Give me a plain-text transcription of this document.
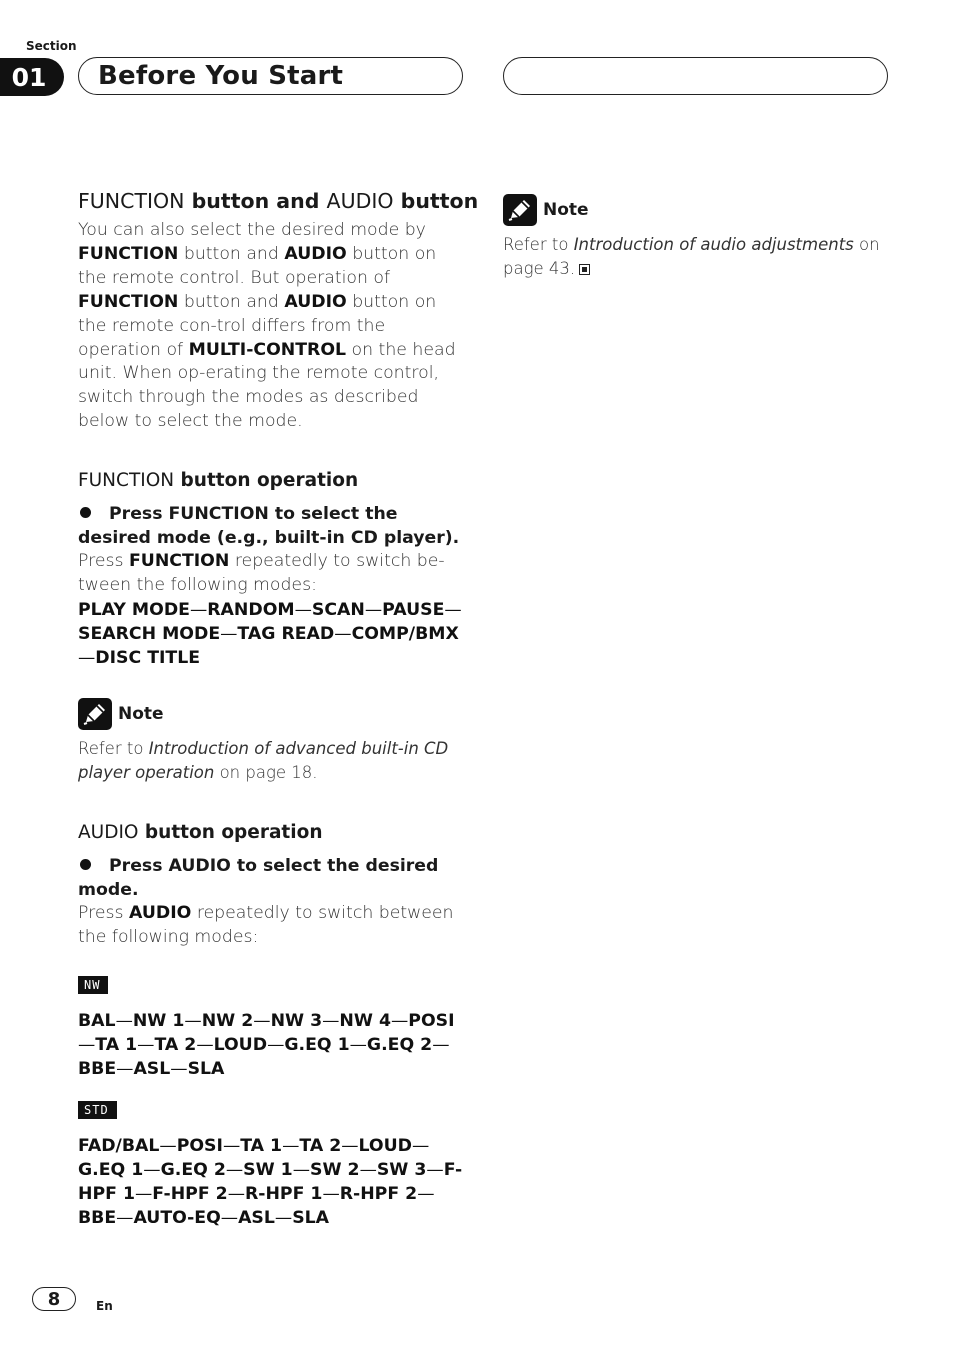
Section
01 Before You Start
FUNCTION button and AUDIO button

You can also select the desired mode by FUNCTION button and AUDIO button on the remote control. But operation of FUNCTION button and AUDIO button on the remote con-trol differs from the operation of MULTI-CONTROL on the head unit. When op-erating the remote control, switch through the modes as described below to select the mode.

FUNCTION button operation

Press FUNCTION to select the desired mode (e.g., built-in CD player).

Press FUNCTION repeatedly to switch be-tween the following modes:

PLAY MODE—RANDOM—SCAN—PAUSE—SEARCH MODE—TAG READ—COMP/BMX—DISC TITLE

Note

Refer to Introduction of advanced built-in CD player operation on page 18.

AUDIO button operation

Press AUDIO to select the desired mode.

Press AUDIO repeatedly to switch between the following modes:

NW

BAL—NW 1—NW 2—NW 3—NW 4—POSI—TA 1—TA 2—LOUD—G.EQ 1—G.EQ 2—BBE—ASL—SLA

STD

FAD/BAL—POSI—TA 1—TA 2—LOUD—G.EQ 1—G.EQ 2—SW 1—SW 2—SW 3—F-HPF 1—F-HPF 2—R-HPF 1—R-HPF 2—BBE—AUTO-EQ—ASL—SLA

Note

Refer to Introduction of audio adjustments on page 43.

8	En
